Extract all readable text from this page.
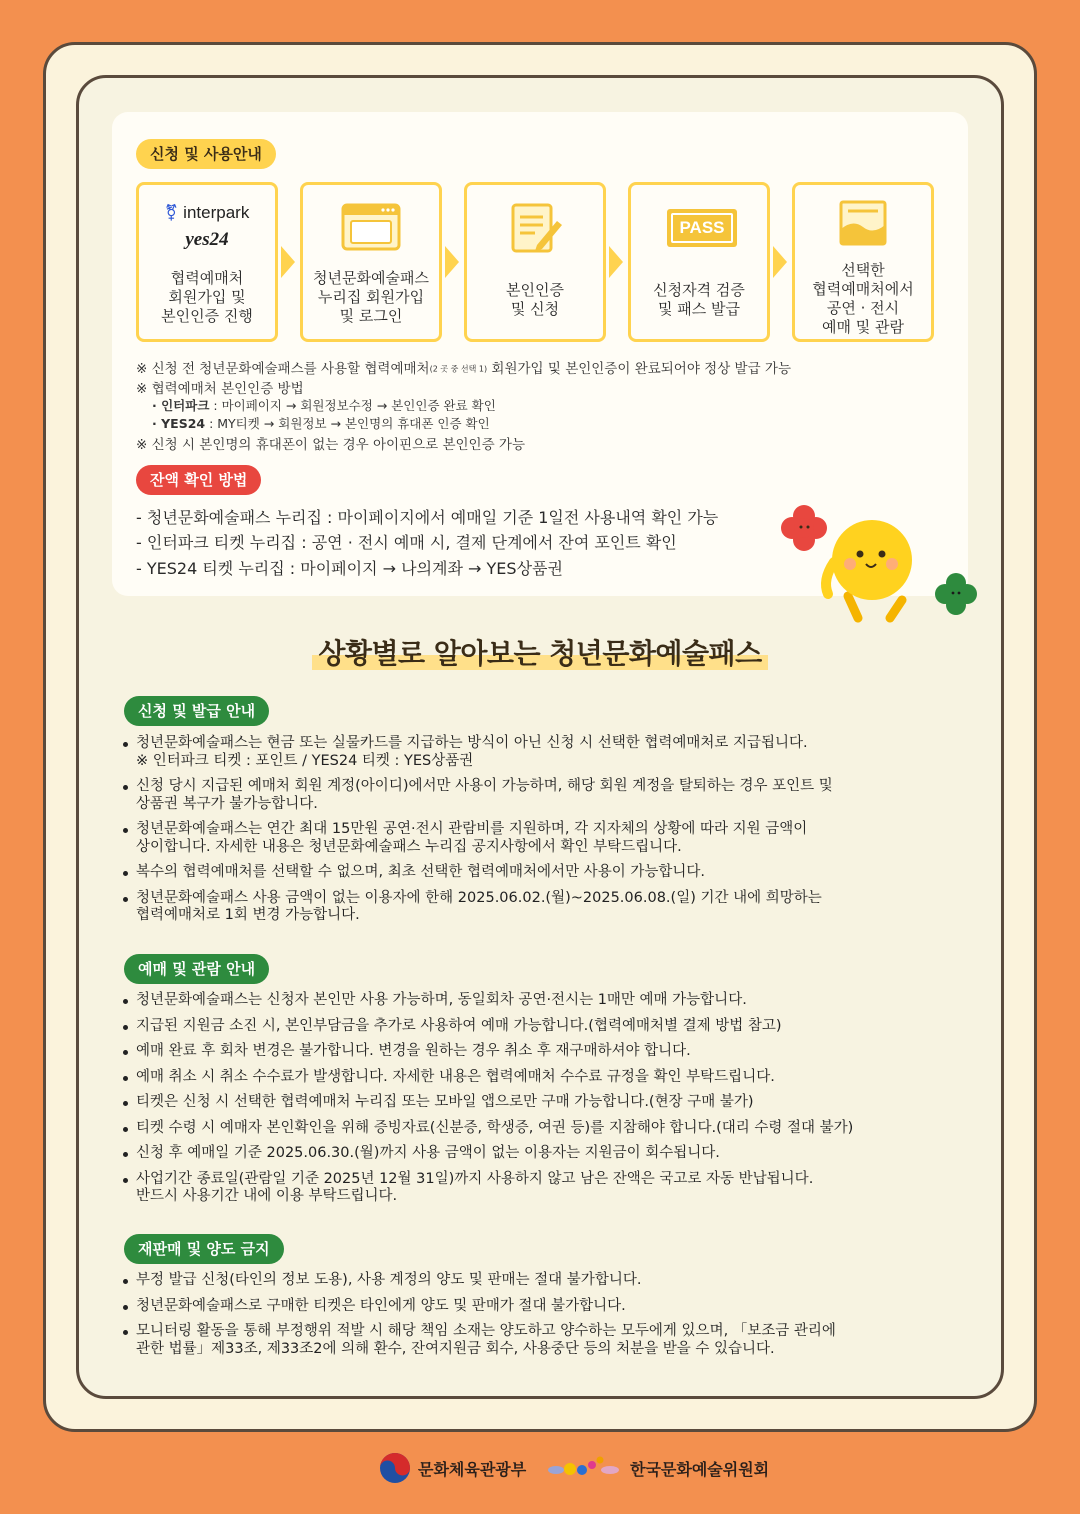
신청 및 사용안내
⚧ interpark
yes24
협력예매처
회원가입 및
본인인증 진행
청년문화예술패스
누리집 회원가입
및 로그인
본인인증
및 신청
PASS
신청자격 검증
및 패스 발급
선택한
협력예매처에서
공연 · 전시
예매 및 관람
※ 신청 전 청년문화예술패스를 사용할 협력예매처(2 곳 중 선택 1) 회원가입 및 본인인증이 완료되어야 정상 발급 가능
※ 협력예매처 본인인증 방법
· 인터파크 : 마이페이지 → 회원정보수정 → 본인인증 완료 확인
· YES24 : MY티켓 → 회원정보 → 본인명의 휴대폰 인증 확인
※ 신청 시 본인명의 휴대폰이 없는 경우 아이핀으로 본인인증 가능
잔액 확인 방법
- 청년문화예술패스 누리집 : 마이페이지에서 예매일 기준 1일전 사용내역 확인 가능
- 인터파크 티켓 누리집 : 공연 · 전시 예매 시, 결제 단계에서 잔여 포인트 확인
- YES24 티켓 누리집 : 마이페이지 → 나의계좌 → YES상품권
상황별로 알아보는 청년문화예술패스
신청 및 발급 안내
청년문화예술패스는 현금 또는 실물카드를 지급하는 방식이 아닌 신청 시 선택한 협력예매처로 지급됩니다.
※ 인터파크 티켓 : 포인트 / YES24 티켓 : YES상품권
신청 당시 지급된 예매처 회원 계정(아이디)에서만 사용이 가능하며, 해당 회원 계정을 탈퇴하는 경우 포인트 및
상품권 복구가 불가능합니다.
청년문화예술패스는 연간 최대 15만원 공연·전시 관람비를 지원하며, 각 지자체의 상황에 따라 지원 금액이
상이합니다. 자세한 내용은 청년문화예술패스 누리집 공지사항에서 확인 부탁드립니다.
복수의 협력예매처를 선택할 수 없으며, 최초 선택한 협력예매처에서만 사용이 가능합니다.
청년문화예술패스 사용 금액이 없는 이용자에 한해 2025.06.02.(월)~2025.06.08.(일) 기간 내에 희망하는
협력예매처로 1회 변경 가능합니다.
예매 및 관람 안내
청년문화예술패스는 신청자 본인만 사용 가능하며, 동일회차 공연·전시는 1매만 예매 가능합니다.
지급된 지원금 소진 시, 본인부담금을 추가로 사용하여 예매 가능합니다.(협력예매처별 결제 방법 참고)
예매 완료 후 회차 변경은 불가합니다. 변경을 원하는 경우 취소 후 재구매하셔야 합니다.
예매 취소 시 취소 수수료가 발생합니다. 자세한 내용은 협력예매처 수수료 규정을 확인 부탁드립니다.
티켓은 신청 시 선택한 협력예매처 누리집 또는 모바일 앱으로만 구매 가능합니다.(현장 구매 불가)
티켓 수령 시 예매자 본인확인을 위해 증빙자료(신분증, 학생증, 여권 등)를 지참해야 합니다.(대리 수령 절대 불가)
신청 후 예매일 기준 2025.06.30.(월)까지 사용 금액이 없는 이용자는 지원금이 회수됩니다.
사업기간 종료일(관람일 기준 2025년 12월 31일)까지 사용하지 않고 남은 잔액은 국고로 자동 반납됩니다.
반드시 사용기간 내에 이용 부탁드립니다.
재판매 및 양도 금지
부정 발급 신청(타인의 정보 도용), 사용 계정의 양도 및 판매는 절대 불가합니다.
청년문화예술패스로 구매한 티켓은 타인에게 양도 및 판매가 절대 불가합니다.
모니터링 활동을 통해 부정행위 적발 시 해당 책임 소재는 양도하고 양수하는 모두에게 있으며, 「보조금 관리에
관한 법률」제33조, 제33조2에 의해 환수, 잔여지원금 회수, 사용중단 등의 처분을 받을 수 있습니다.
문화체육관광부	한국문화예술위원회
